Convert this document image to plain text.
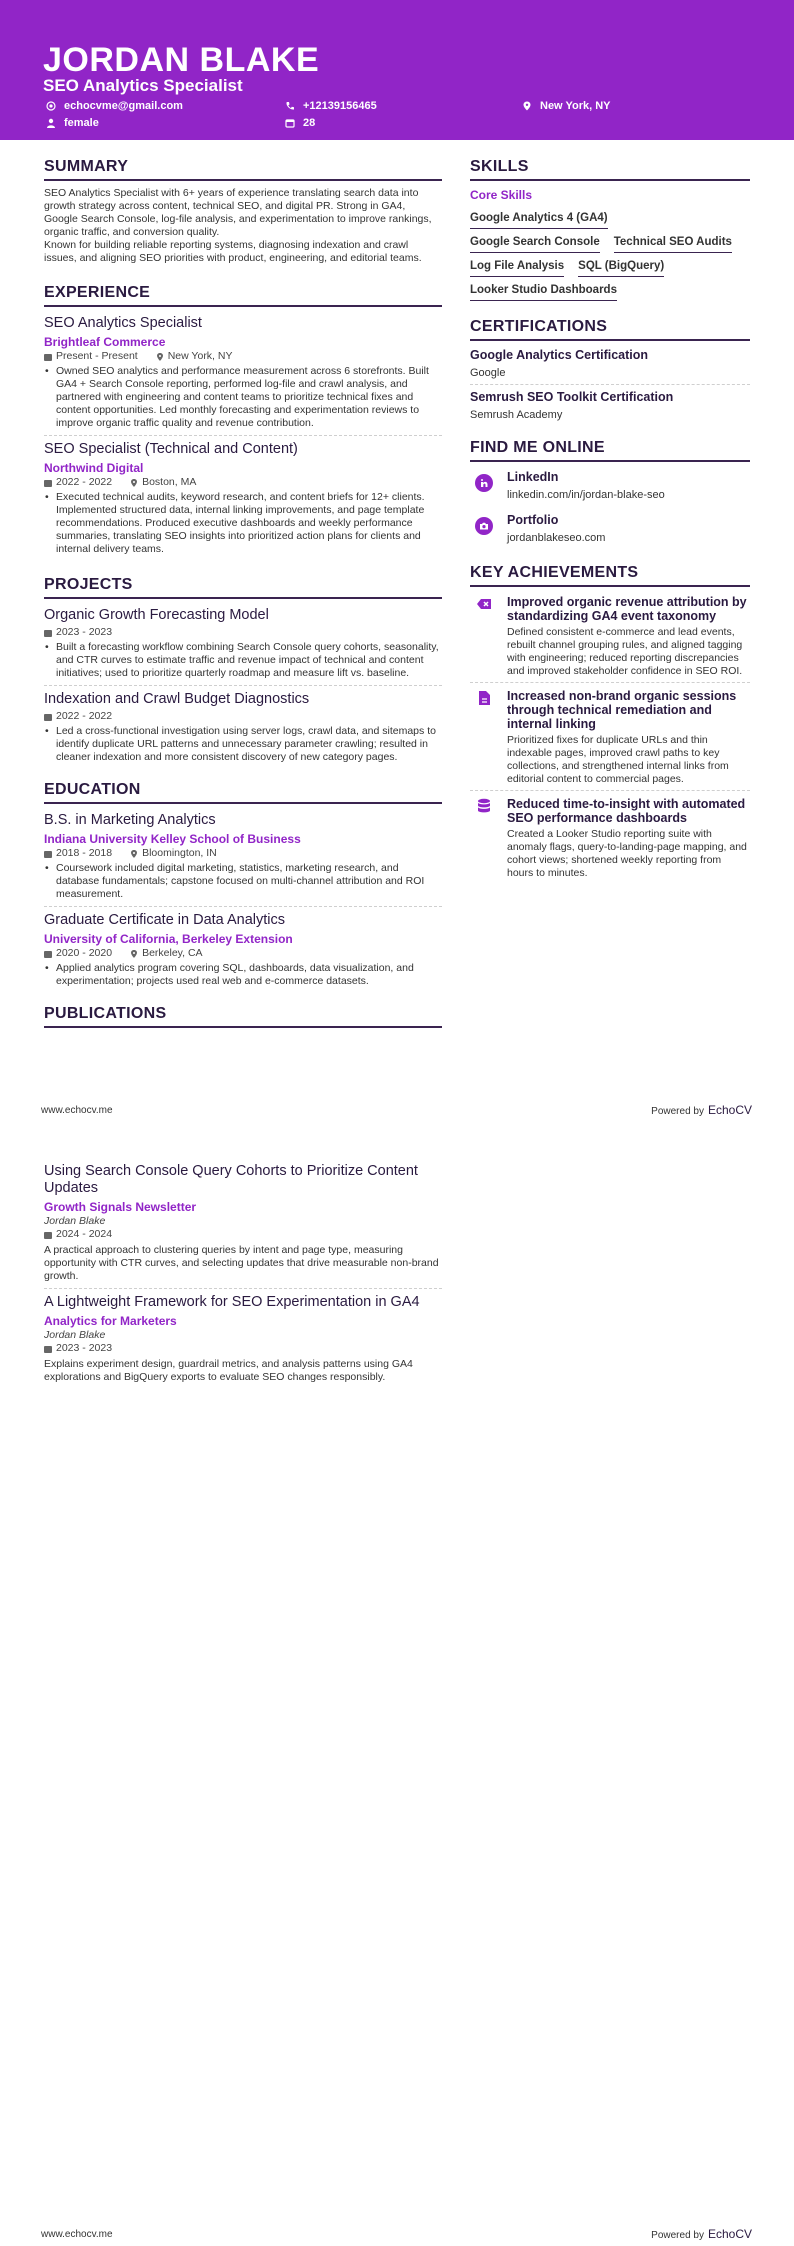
JORDAN BLAKE
SEO Analytics Specialist
echocvme@gmail.com	+12139156465	New York, NY
female	28
SUMMARY

SEO Analytics Specialist with 6+ years of experience translating search data into growth strategy across content, technical SEO, and digital PR. Strong in GA4, Google Search Console, log-file analysis, and experimentation to improve rankings, organic traffic, and conversion quality.

Known for building reliable reporting systems, diagnosing indexation and crawl issues, and aligning SEO priorities with product, engineering, and editorial teams.

EXPERIENCE
SEO Analytics Specialist
Brightleaf Commerce
Present - Present	New York, NY
• Owned SEO analytics and performance measurement across 6 storefronts. Built GA4 + Search Console reporting, performed log-file and crawl analysis, and partnered with engineering and content teams to prioritize technical fixes and content opportunities. Led monthly forecasting and experimentation reviews to improve organic traffic quality and revenue contribution.
SEO Specialist (Technical and Content)
Northwind Digital
2022 - 2022	Boston, MA
• Executed technical audits, keyword research, and content briefs for 12+ clients. Implemented structured data, internal linking improvements, and page template recommendations. Produced executive dashboards and weekly performance summaries, translating SEO insights into prioritized action plans for clients and internal delivery teams.
PROJECTS
Organic Growth Forecasting Model
2023 - 2023
• Built a forecasting workflow combining Search Console query cohorts, seasonality, and CTR curves to estimate traffic and revenue impact of technical and content initiatives; used to prioritize quarterly roadmap and measure lift vs. baseline.
Indexation and Crawl Budget Diagnostics
2022 - 2022
• Led a cross-functional investigation using server logs, crawl data, and sitemaps to identify duplicate URL patterns and unnecessary parameter crawling; resulted in cleaner indexation and more consistent discovery of new category pages.
EDUCATION
B.S. in Marketing Analytics
Indiana University Kelley School of Business
2018 - 2018	Bloomington, IN
• Coursework included digital marketing, statistics, marketing research, and database fundamentals; capstone focused on multi-channel attribution and ROI measurement.
Graduate Certificate in Data Analytics
University of California, Berkeley Extension
2020 - 2020	Berkeley, CA
• Applied analytics program covering SQL, dashboards, data visualization, and experimentation; projects used real web and e-commerce datasets.
PUBLICATIONS
SKILLS
Core Skills
Google Analytics 4 (GA4)
Google Search Console Technical SEO Audits
Log File Analysis SQL (BigQuery)
Looker Studio Dashboards
CERTIFICATIONS
Google Analytics Certification
Google
Semrush SEO Toolkit Certification
Semrush Academy
FIND ME ONLINE
LinkedIn
linkedin.com/in/jordan-blake-seo
Portfolio
jordanblakeseo.com
KEY ACHIEVEMENTS
Improved organic revenue attribution by standardizing GA4 event taxonomy
Defined consistent e-commerce and lead events, rebuilt channel grouping rules, and aligned tagging with engineering; reduced reporting discrepancies and improved stakeholder confidence in SEO ROI.
Increased non-brand organic sessions through technical remediation and internal linking
Prioritized fixes for duplicate URLs and thin indexable pages, improved crawl paths to key collections, and strengthened internal links from editorial content to commercial pages.
Reduced time-to-insight with automated SEO performance dashboards
Created a Looker Studio reporting suite with anomaly flags, query-to-landing-page mapping, and cohort views; shortened weekly reporting from hours to minutes.
www.echocv.me	Powered by EchoCV
Using Search Console Query Cohorts to Prioritize Content Updates
Growth Signals Newsletter
Jordan Blake
2024 - 2024
A practical approach to clustering queries by intent and page type, measuring opportunity with CTR curves, and selecting updates that drive measurable non-brand growth.
A Lightweight Framework for SEO Experimentation in GA4
Analytics for Marketers
Jordan Blake
2023 - 2023
Explains experiment design, guardrail metrics, and analysis patterns using GA4 explorations and BigQuery exports to evaluate SEO changes responsibly.
www.echocv.me	Powered by EchoCV
